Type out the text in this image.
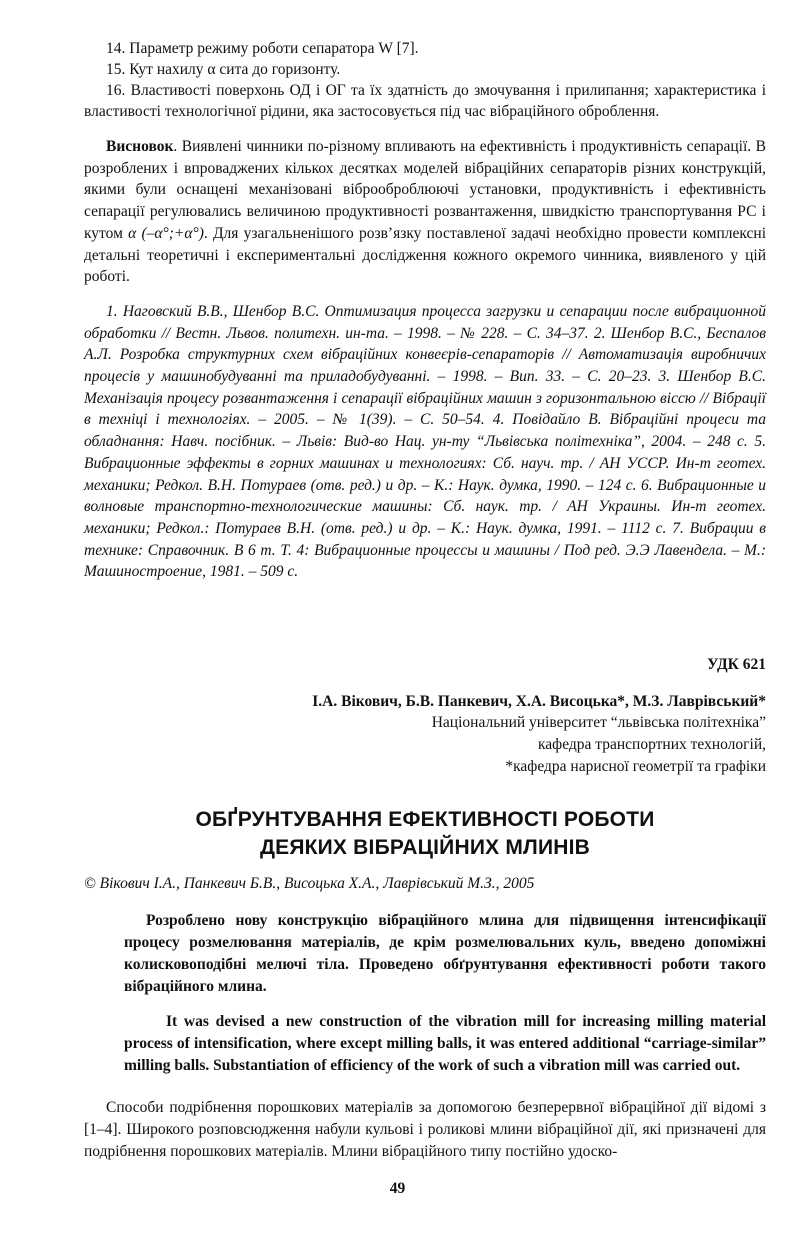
14. Параметр режиму роботи сепаратора W [7].

15. Кут нахилу α сита до горизонту.

16. Властивості поверхонь ОД і ОГ та їх здатність до змочування і прилипання; характеристика і властивості технологічної рідини, яка застосовується під час вібраційного оброблення.

Висновок. Виявлені чинники по-різному впливають на ефективність і продуктивність сепарації. В розроблених і впроваджених кількох десятках моделей вібраційних сепараторів різних конструкцій, якими були оснащені механізовані віброоброблюючі установки, продуктивність і ефективність сепарації регулювались величиною продуктивності розвантаження, швидкістю транспортування РС і кутом α (–α°;+α°). Для узагальненішого розв’язку поставленої задачі необхідно провести комплексні детальні теоретичні і експериментальні дослідження кожного окремого чинника, виявленого у цій роботі.

1. Наговский В.В., Шенбор В.С. Оптимизация процесса загрузки и сепарации после вибрационной обработки // Вестн. Львов. политехн. ин-та. – 1998. – № 228. – С. 34–37. 2. Шенбор В.С., Беспалов А.Л. Розробка структурних схем вібраційних конвеєрів-сепараторів // Автоматизація виробничих процесів у машинобудуванні та приладобудуванні. – 1998. – Вип. 33. – С. 20–23. 3. Шенбор В.С. Механізація процесу розвантаження і сепарації вібраційних машин з горизонтальною віссю // Вібрації в техніці і технологіях. – 2005. – № 1(39). – С. 50–54. 4. Повідайло В. Вібраційні процеси та обладнання: Навч. посібник. – Львів: Вид-во Нац. ун-ту “Львівська політехніка”, 2004. – 248 с. 5. Вибрационные эффекты в горних машинах и технологиях: Сб. науч. тр. / АН УССР. Ин-т геотех. механики; Редкол. В.Н. Потураев (отв. ред.) и др. – К.: Наук. думка, 1990. – 124 с. 6. Вибрационные и волновые транспортно-технологические машины: Сб. наук. тр. / АН Украины. Ин-т геотех. механики; Редкол.: Потураев В.Н. (отв. ред.) и др. – К.: Наук. думка, 1991. – 1112 с. 7. Вибрации в технике: Справочник. В 6 т. Т. 4: Вибрационные процессы и машины / Под ред. Э.Э Лавендела. – М.: Машиностроение, 1981. – 509 с.

УДК 621
І.А. Вікович, Б.В. Панкевич, Х.А. Висоцька*, М.З. Лаврівський*
Національний університет “львівська політехніка”
кафедра транспортних технологій,
*кафедра нарисної геометрії та графіки
ОБҐРУНТУВАННЯ ЕФЕКТИВНОСТІ РОБОТИ
ДЕЯКИХ ВІБРАЦІЙНИХ МЛИНІВ
© Вікович І.А., Панкевич Б.В., Висоцька Х.А., Лаврівський М.З., 2005

Розроблено нову конструкцію вібраційного млина для підвищення інтенсифікації процесу розмелювання матеріалів, де крім розмелювальних куль, введено допоміжні колисковоподібні мелючі тіла. Проведено обґрунтування ефективності роботи такого вібраційного млина.

It was devised a new construction of the vibration mill for increasing milling material process of intensification, where except milling balls, it was entered additional “carriage-similar” milling balls. Substantiation of efficiency of the work of such a vibration mill was carried out.

Способи подрібнення порошкових матеріалів за допомогою безперервної вібраційної дії відомі з [1–4]. Широкого розповсюдження набули кульові і роликові млини вібраційної дії, які призначені для подрібнення порошкових матеріалів. Млини вібраційного типу постійно удоско-

49
